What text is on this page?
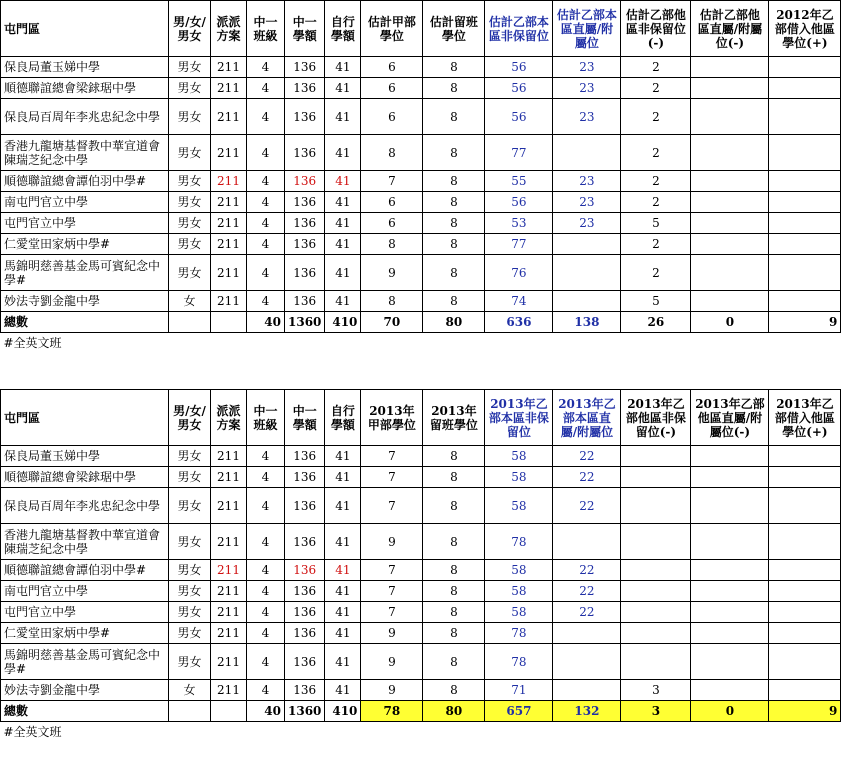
屯門區	男/女/男女	派派方案	中一班級	中一學額	自行學額	估計甲部學位	估計留班學位	估計乙部本區非保留位	估計乙部本區直屬/附屬位	估計乙部他區非保留位(-)	估計乙部他區直屬/附屬位(-)	2012年乙部借入他區學位(+)
保良局董玉娣中學	男女	211	4	136	41	6	8	56	23	2		
順德聯誼總會梁銶琚中學	男女	211	4	136	41	6	8	56	23	2		
保良局百周年李兆忠紀念中學	男女	211	4	136	41	6	8	56	23	2		
香港九龍塘基督教中華宣道會陳瑞芝紀念中學	男女	211	4	136	41	8	8	77		2		
順德聯誼總會譚伯羽中學#	男女	211	4	136	41	7	8	55	23	2		
南屯門官立中學	男女	211	4	136	41	6	8	56	23	2		
屯門官立中學	男女	211	4	136	41	6	8	53	23	5		
仁愛堂田家炳中學#	男女	211	4	136	41	8	8	77		2		
馬錦明慈善基金馬可賓紀念中學#	男女	211	4	136	41	9	8	76		2		
妙法寺劉金龍中學	女	211	4	136	41	8	8	74		5		
總數			40	1360	410	70	80	636	138	26	0	9
#全英文班												
屯門區	男/女/男女	派派方案	中一班級	中一學額	自行學額	2013年甲部學位	2013年留班學位	2013年乙部本區非保留位	2013年乙部本區直屬/附屬位	2013年乙部他區非保留位(-)	2013年乙部他區直屬/附屬位(-)	2013年乙部借入他區學位(+)
保良局董玉娣中學	男女	211	4	136	41	7	8	58	22			
順德聯誼總會梁銶琚中學	男女	211	4	136	41	7	8	58	22			
保良局百周年李兆忠紀念中學	男女	211	4	136	41	7	8	58	22			
香港九龍塘基督教中華宣道會陳瑞芝紀念中學	男女	211	4	136	41	9	8	78				
順德聯誼總會譚伯羽中學#	男女	211	4	136	41	7	8	58	22			
南屯門官立中學	男女	211	4	136	41	7	8	58	22			
屯門官立中學	男女	211	4	136	41	7	8	58	22			
仁愛堂田家炳中學#	男女	211	4	136	41	9	8	78				
馬錦明慈善基金馬可賓紀念中學#	男女	211	4	136	41	9	8	78				
妙法寺劉金龍中學	女	211	4	136	41	9	8	71		3		
總數			40	1360	410	78	80	657	132	3	0	9
#全英文班												
